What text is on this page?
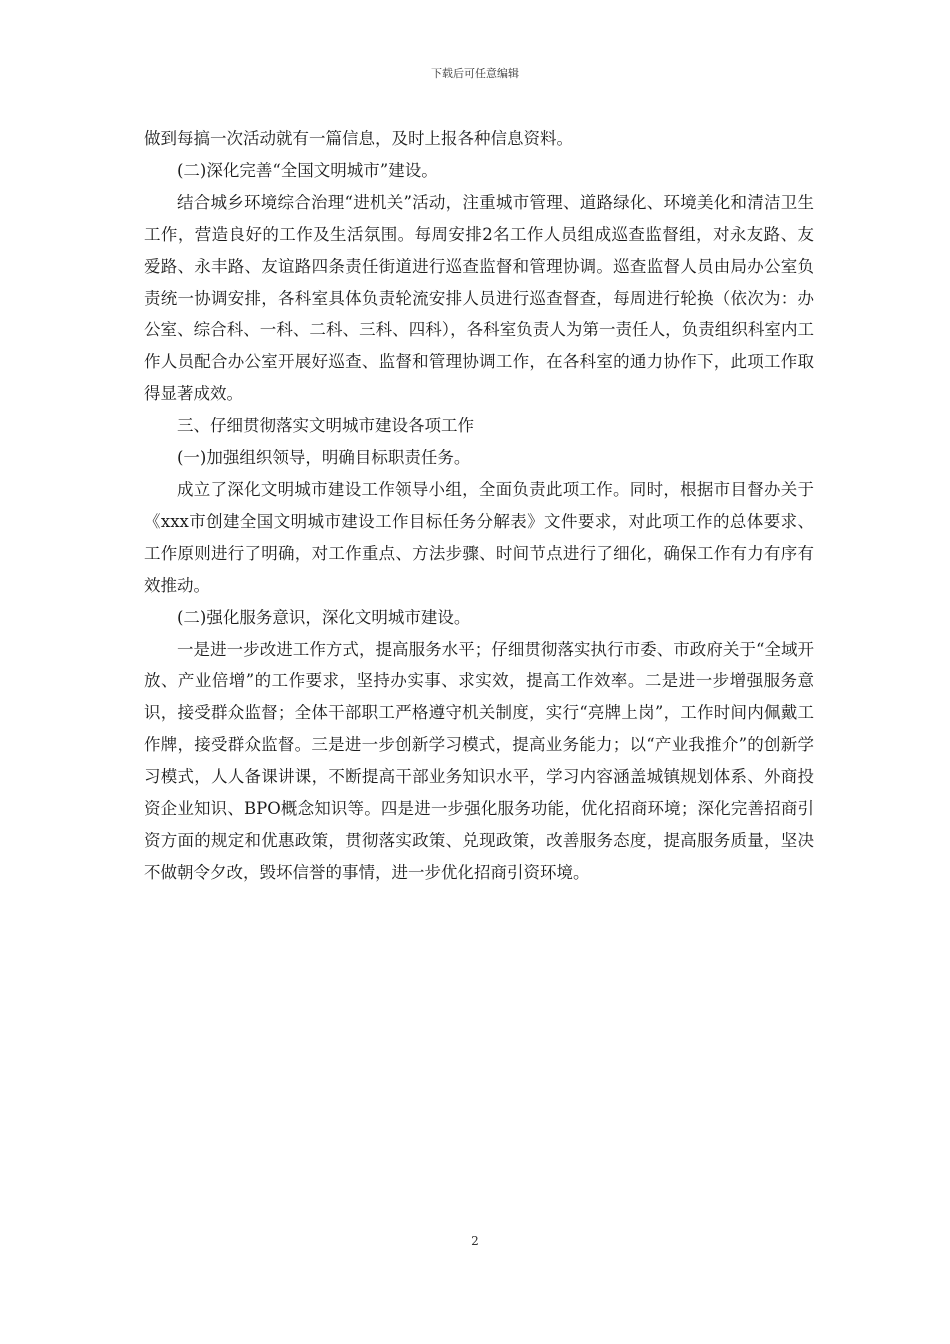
下载后可任意编辑

做到每搞一次活动就有一篇信息，及时上报各种信息资料。

(二)深化完善“全国文明城市”建设。

结合城乡环境综合治理“进机关”活动，注重城市管理、道路绿化、环境美化和清洁卫生工作，营造良好的工作及生活氛围。每周安排2名工作人员组成巡查监督组，对永友路、友爱路、永丰路、友谊路四条责任街道进行巡查监督和管理协调。巡查监督人员由局办公室负责统一协调安排，各科室具体负责轮流安排人员进行巡查督查，每周进行轮换（依次为：办公室、综合科、一科、二科、三科、四科），各科室负责人为第一责任人，负责组织科室内工作人员配合办公室开展好巡查、监督和管理协调工作，在各科室的通力协作下，此项工作取得显著成效。

三、仔细贯彻落实文明城市建设各项工作

(一)加强组织领导，明确目标职责任务。

成立了深化文明城市建设工作领导小组，全面负责此项工作。同时，根据市目督办关于《xxx市创建全国文明城市建设工作目标任务分解表》文件要求，对此项工作的总体要求、工作原则进行了明确，对工作重点、方法步骤、时间节点进行了细化，确保工作有力有序有效推动。

(二)强化服务意识，深化文明城市建设。

一是进一步改进工作方式，提高服务水平；仔细贯彻落实执行市委、市政府关于“全域开放、产业倍增”的工作要求，坚持办实事、求实效，提高工作效率。二是进一步增强服务意识，接受群众监督；全体干部职工严格遵守机关制度，实行“亮牌上岗”，工作时间内佩戴工作牌，接受群众监督。三是进一步创新学习模式，提高业务能力；以“产业我推介”的创新学习模式，人人备课讲课，不断提高干部业务知识水平，学习内容涵盖城镇规划体系、外商投资企业知识、BPO概念知识等。四是进一步强化服务功能，优化招商环境；深化完善招商引资方面的规定和优惠政策，贯彻落实政策、兑现政策，改善服务态度，提高服务质量，坚决不做朝令夕改，毁坏信誉的事情，进一步优化招商引资环境。

2
